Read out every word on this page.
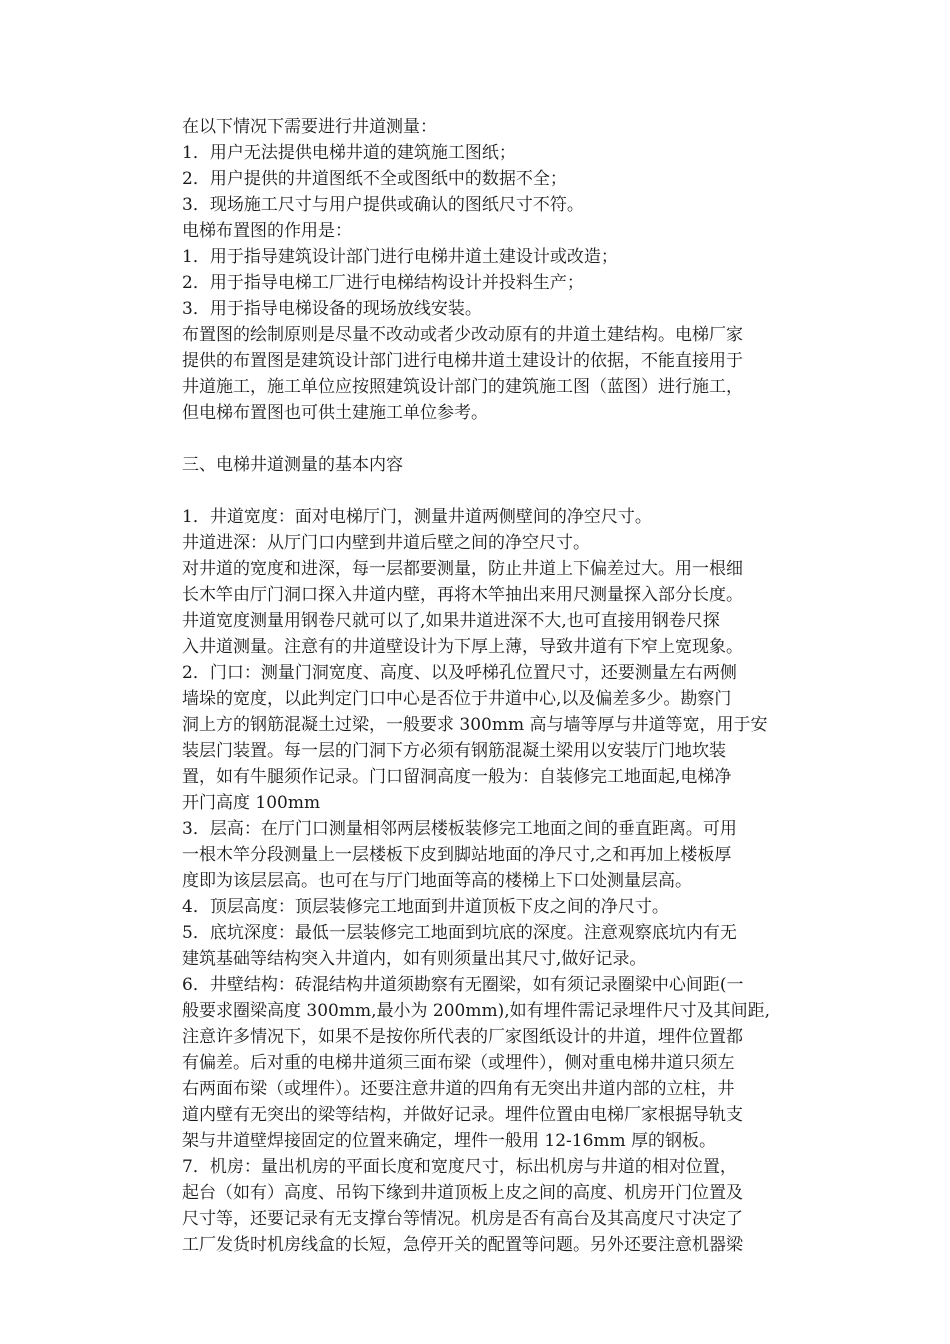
在以下情况下需要进行井道测量：
1．用户无法提供电梯井道的建筑施工图纸；
2．用户提供的井道图纸不全或图纸中的数据不全；
3．现场施工尺寸与用户提供或确认的图纸尺寸不符。
电梯布置图的作用是：
1．用于指导建筑设计部门进行电梯井道土建设计或改造；
2．用于指导电梯工厂进行电梯结构设计并投料生产；
3．用于指导电梯设备的现场放线安装。
布置图的绘制原则是尽量不改动或者少改动原有的井道土建结构。电梯厂家
提供的布置图是建筑设计部门进行电梯井道土建设计的依据，不能直接用于
井道施工，施工单位应按照建筑设计部门的建筑施工图（蓝图）进行施工，
但电梯布置图也可供土建施工单位参考。
三、电梯井道测量的基本内容
1．井道宽度：面对电梯厅门，测量井道两侧壁间的净空尺寸。
井道进深：从厅门口内壁到井道后壁之间的净空尺寸。
对井道的宽度和进深，每一层都要测量，防止井道上下偏差过大。用一根细
长木竿由厅门洞口探入井道内壁，再将木竿抽出来用尺测量探入部分长度。
井道宽度测量用钢卷尺就可以了,如果井道进深不大,也可直接用钢卷尺探
入井道测量。注意有的井道壁设计为下厚上薄，导致井道有下窄上宽现象。
2．门口：测量门洞宽度、高度、以及呼梯孔位置尺寸，还要测量左右两侧
墙垛的宽度，以此判定门口中心是否位于井道中心,以及偏差多少。勘察门
洞上方的钢筋混凝土过梁，一般要求 300mm 高与墙等厚与井道等宽，用于安
装层门装置。每一层的门洞下方必须有钢筋混凝土梁用以安装厅门地坎装
置，如有牛腿须作记录。门口留洞高度一般为：自装修完工地面起,电梯净
开门高度 100mm
3．层高：在厅门口测量相邻两层楼板装修完工地面之间的垂直距离。可用
一根木竿分段测量上一层楼板下皮到脚站地面的净尺寸,之和再加上楼板厚
度即为该层层高。也可在与厅门地面等高的楼梯上下口处测量层高。
4．顶层高度：顶层装修完工地面到井道顶板下皮之间的净尺寸。
5．底坑深度：最低一层装修完工地面到坑底的深度。注意观察底坑内有无
建筑基础等结构突入井道内，如有则须量出其尺寸,做好记录。
6．井壁结构：砖混结构井道须勘察有无圈梁，如有须记录圈梁中心间距(一
般要求圈梁高度 300mm,最小为 200mm),如有埋件需记录埋件尺寸及其间距,
注意许多情况下，如果不是按你所代表的厂家图纸设计的井道，埋件位置都
有偏差。后对重的电梯井道须三面布梁（或埋件），侧对重电梯井道只须左
右两面布梁（或埋件）。还要注意井道的四角有无突出井道内部的立柱，井
道内壁有无突出的梁等结构，并做好记录。埋件位置由电梯厂家根据导轨支
架与井道壁焊接固定的位置来确定，埋件一般用 12-16mm 厚的钢板。
7．机房：量出机房的平面长度和宽度尺寸，标出机房与井道的相对位置，
起台（如有）高度、吊钩下缘到井道顶板上皮之间的高度、机房开门位置及
尺寸等，还要记录有无支撑台等情况。机房是否有高台及其高度尺寸决定了
工厂发货时机房线盒的长短，急停开关的配置等问题。另外还要注意机器梁
